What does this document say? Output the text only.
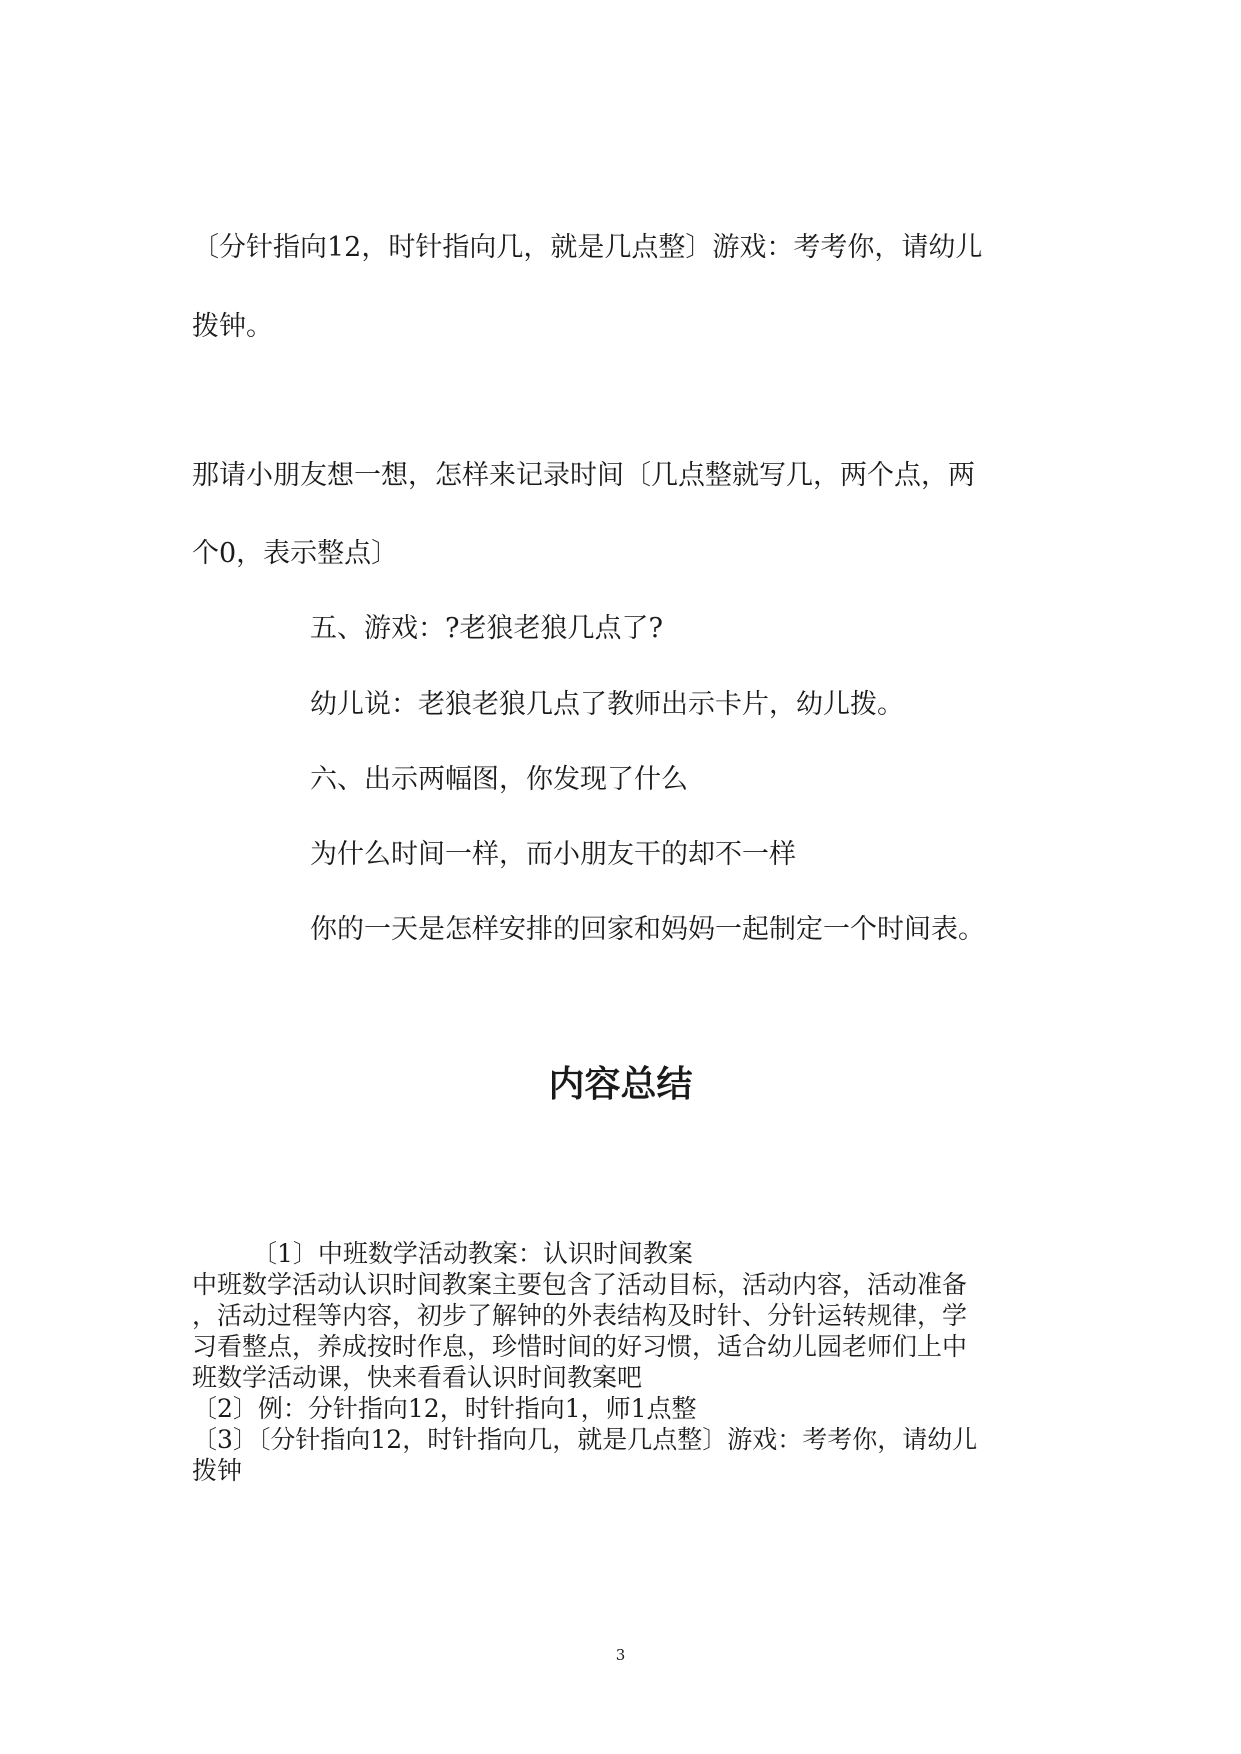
〔分针指向12，时针指向几，就是几点整〕游戏：考考你，请幼儿

拨钟。

那请小朋友想一想，怎样来记录时间〔几点整就写几，两个点，两

个0，表示整点〕

五、游戏：?老狼老狼几点了?

幼儿说：老狼老狼几点了教师出示卡片，幼儿拨。

六、出示两幅图，你发现了什么

为什么时间一样，而小朋友干的却不一样

你的一天是怎样安排的回家和妈妈一起制定一个时间表。

内容总结

〔1〕中班数学活动教案：认识时间教案

中班数学活动认识时间教案主要包含了活动目标，活动内容，活动准备

，活动过程等内容，初步了解钟的外表结构及时针、分针运转规律，学

习看整点，养成按时作息，珍惜时间的好习惯，适合幼儿园老师们上中

班数学活动课，快来看看认识时间教案吧

〔2〕例：分针指向12，时针指向1，师1点整

〔3〕〔分针指向12，时针指向几，就是几点整〕游戏：考考你，请幼儿

拨钟

3
